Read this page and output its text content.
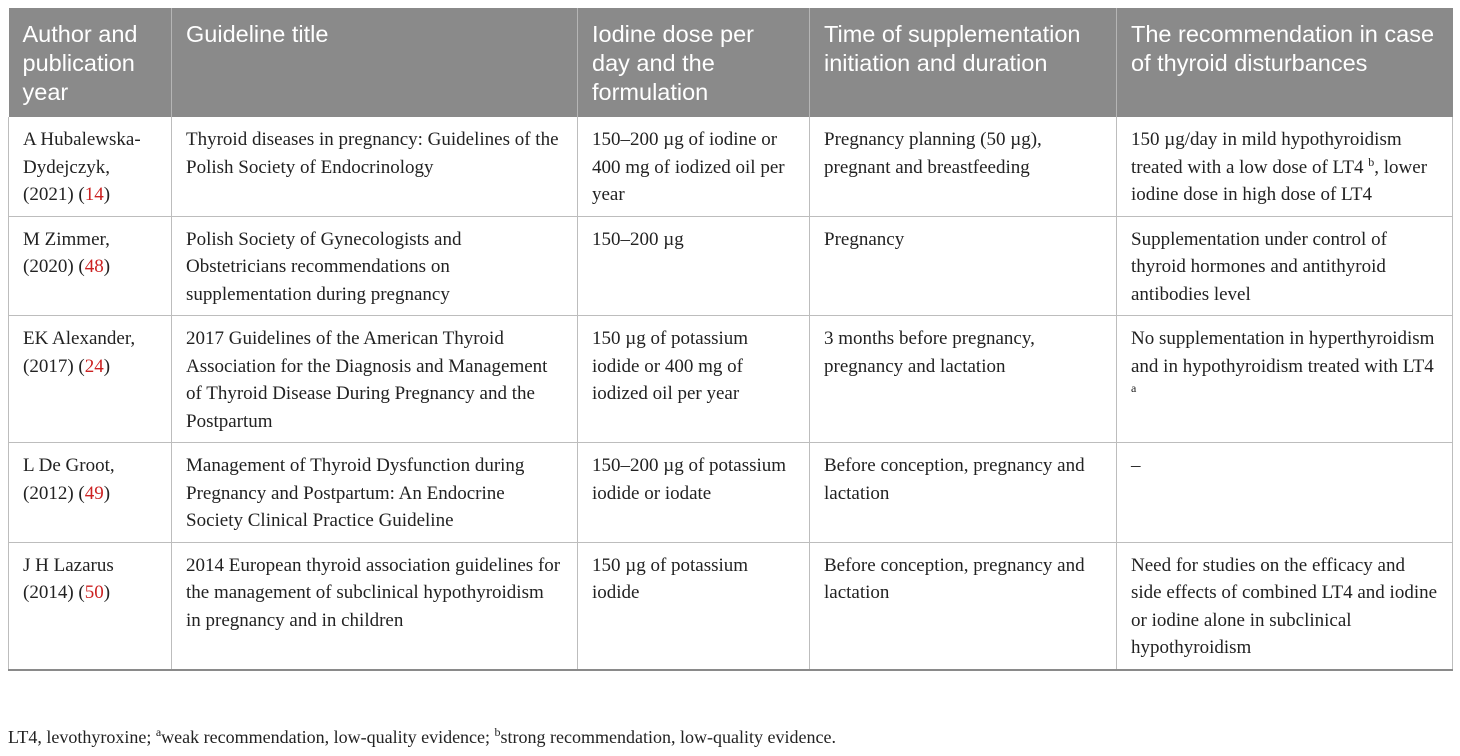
Author and publication year	Guideline title	Iodine dose per day and the formulation	Time of supplementation initiation and duration	The recommendation in case of thyroid disturbances
A Hubalewska-Dydejczyk, (2021) (14)	Thyroid diseases in pregnancy: Guidelines of the Polish Society of Endocrinology	150–200 µg of iodine or 400 mg of iodized oil per year	Pregnancy planning (50 µg), pregnant and breastfeeding	150 µg/day in mild hypothyroidism treated with a low dose of LT4 $^b$, lower iodine dose in high dose of LT4
M Zimmer, (2020) (48)	Polish Society of Gynecologists and Obstetricians recommendations on supplementation during pregnancy	150–200 µg	Pregnancy	Supplementation under control of thyroid hormones and antithyroid antibodies level
EK Alexander, (2017) (24)	2017 Guidelines of the American Thyroid Association for the Diagnosis and Management of Thyroid Disease During Pregnancy and the Postpartum	150 µg of potassium iodide or 400 mg of iodized oil per year	3 months before pregnancy, pregnancy and lactation	No supplementation in hyperthyroidism and in hypothyroidism treated with LT4 $^a$
L De Groot, (2012) (49)	Management of Thyroid Dysfunction during Pregnancy and Postpartum: An Endocrine Society Clinical Practice Guideline	150–200 µg of potassium iodide or iodate	Before conception, pregnancy and lactation	–
J H Lazarus (2014) (50)	2014 European thyroid association guidelines for the management of subclinical hypothyroidism in pregnancy and in children	150 µg of potassium iodide	Before conception, pregnancy and lactation	Need for studies on the efficacy and side effects of combined LT4 and iodine or iodine alone in subclinical hypothyroidism
LT4, levothyroxine; $^a$weak recommendation, low-quality evidence; $^b$strong recommendation, low-quality evidence.
